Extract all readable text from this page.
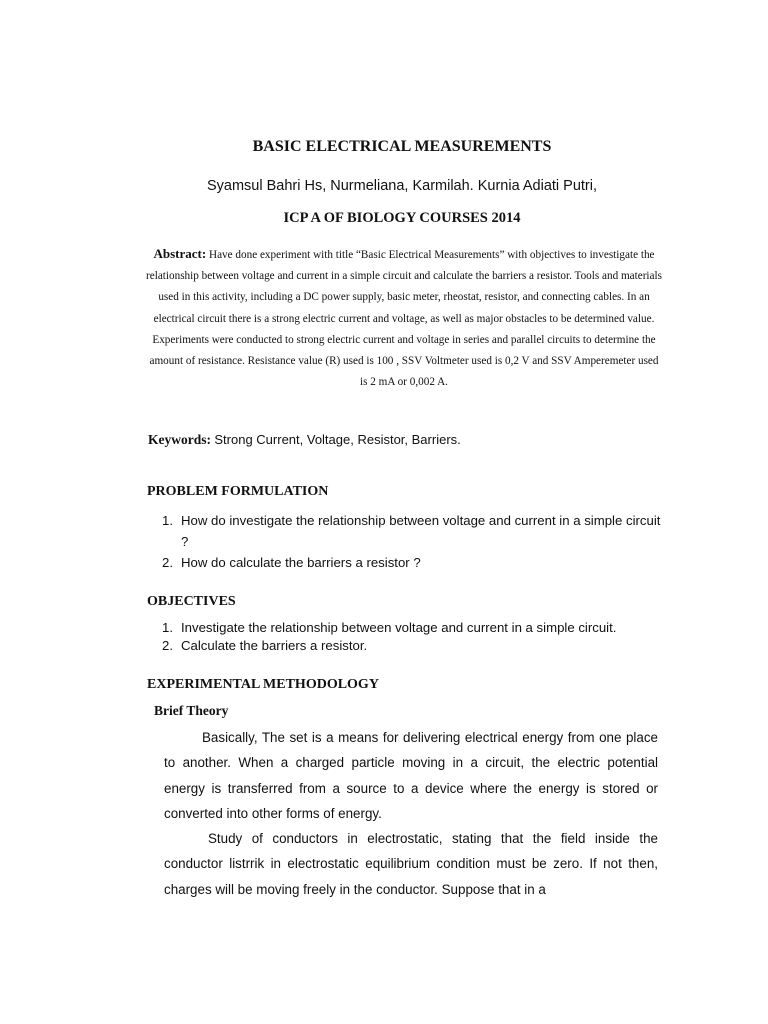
BASIC ELECTRICAL MEASUREMENTS
Syamsul Bahri Hs, Nurmeliana, Karmilah. Kurnia Adiati Putri,
ICP A OF BIOLOGY COURSES 2014
Abstract: Have done experiment with title “Basic Electrical Measurements” with objectives to investigate the relationship between voltage and current in a simple circuit and calculate the barriers a resistor. Tools and materials used in this activity, including a DC power supply, basic meter, rheostat, resistor, and connecting cables. In an electrical circuit there is a strong electric current and voltage, as well as major obstacles to be determined value. Experiments were conducted to strong electric current and voltage in series and parallel circuits to determine the amount of resistance. Resistance value (R) used is 100 , SSV Voltmeter used is 0,2 V and SSV Amperemeter used is 2 mA or 0,002 A.
Keywords: Strong Current, Voltage, Resistor, Barriers.
PROBLEM FORMULATION
1. How do investigate the relationship between voltage and current in a simple circuit ?
2. How do calculate the barriers a resistor ?
OBJECTIVES
1. Investigate the relationship between voltage and current in a simple circuit.
2. Calculate the barriers a resistor.
EXPERIMENTAL METHODOLOGY
Brief Theory

Basically, The set is a means for delivering electrical energy from one place to another. When a charged particle moving in a circuit, the electric potential energy is transferred from a source to a device where the energy is stored or converted into other forms of energy.

Study of conductors in electrostatic, stating that the field inside the conductor listrrik in electrostatic equilibrium condition must be zero. If not then, charges will be moving freely in the conductor. Suppose that in a
